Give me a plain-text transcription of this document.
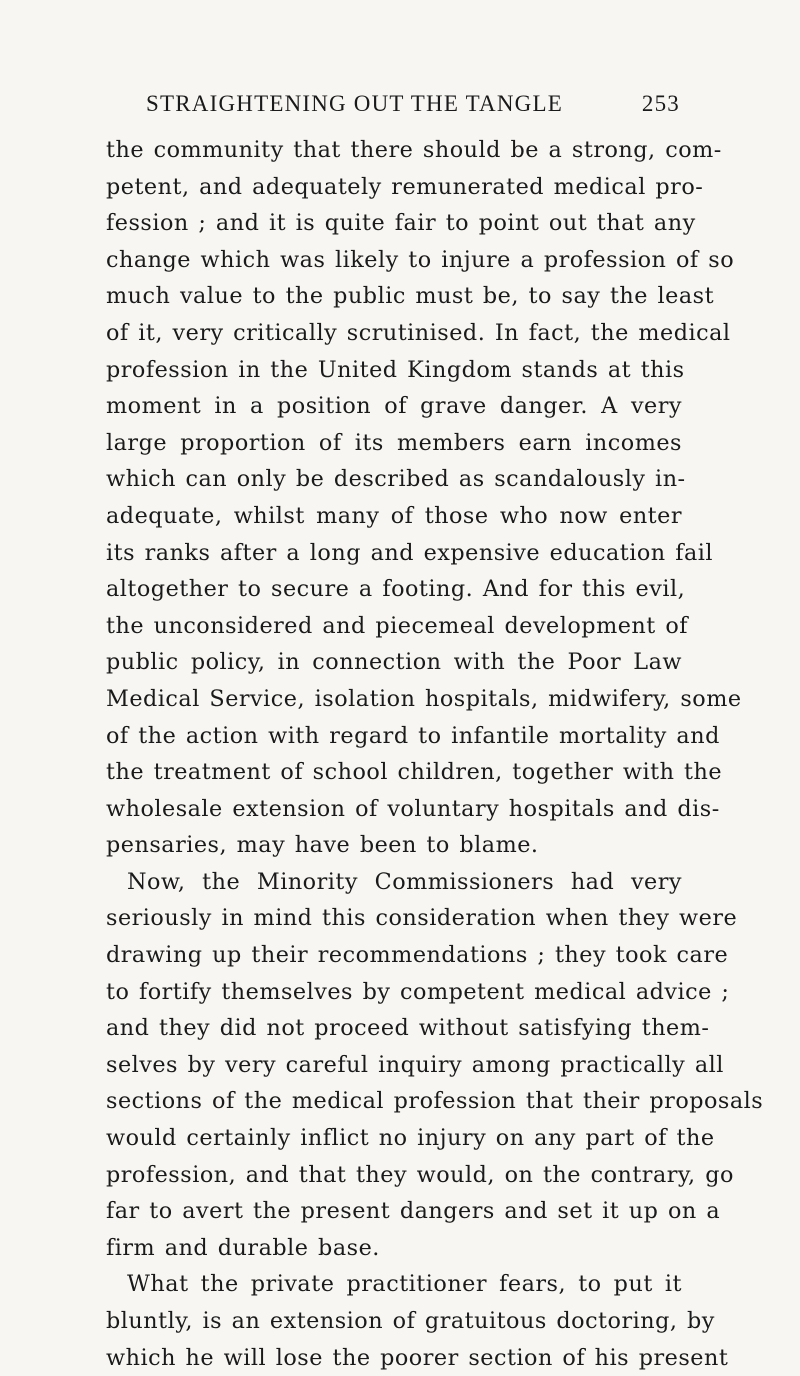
STRAIGHTENING OUT THE TANGLE	253
the community that there should be a strong, com-
petent, and adequately remunerated medical pro-
fession ; and it is quite fair to point out that any
change which was likely to injure a profession of so
much value to the public must be, to say the least
of it, very critically scrutinised. In fact, the medical
profession in the United Kingdom stands at this
moment in a position of grave danger. A very
large proportion of its members earn incomes
which can only be described as scandalously in-
adequate, whilst many of those who now enter
its ranks after a long and expensive education fail
altogether to secure a footing. And for this evil,
the unconsidered and piecemeal development of
public policy, in connection with the Poor Law
Medical Service, isolation hospitals, midwifery, some
of the action with regard to infantile mortality and
the treatment of school children, together with the
wholesale extension of voluntary hospitals and dis-
pensaries, may have been to blame.
Now, the Minority Commissioners had very
seriously in mind this consideration when they were
drawing up their recommendations ; they took care
to fortify themselves by competent medical advice ;
and they did not proceed without satisfying them-
selves by very careful inquiry among practically all
sections of the medical profession that their proposals
would certainly inflict no injury on any part of the
profession, and that they would, on the contrary, go
far to avert the present dangers and set it up on a
firm and durable base.
What the private practitioner fears, to put it
bluntly, is an extension of gratuitous doctoring, by
which he will lose the poorer section of his present
